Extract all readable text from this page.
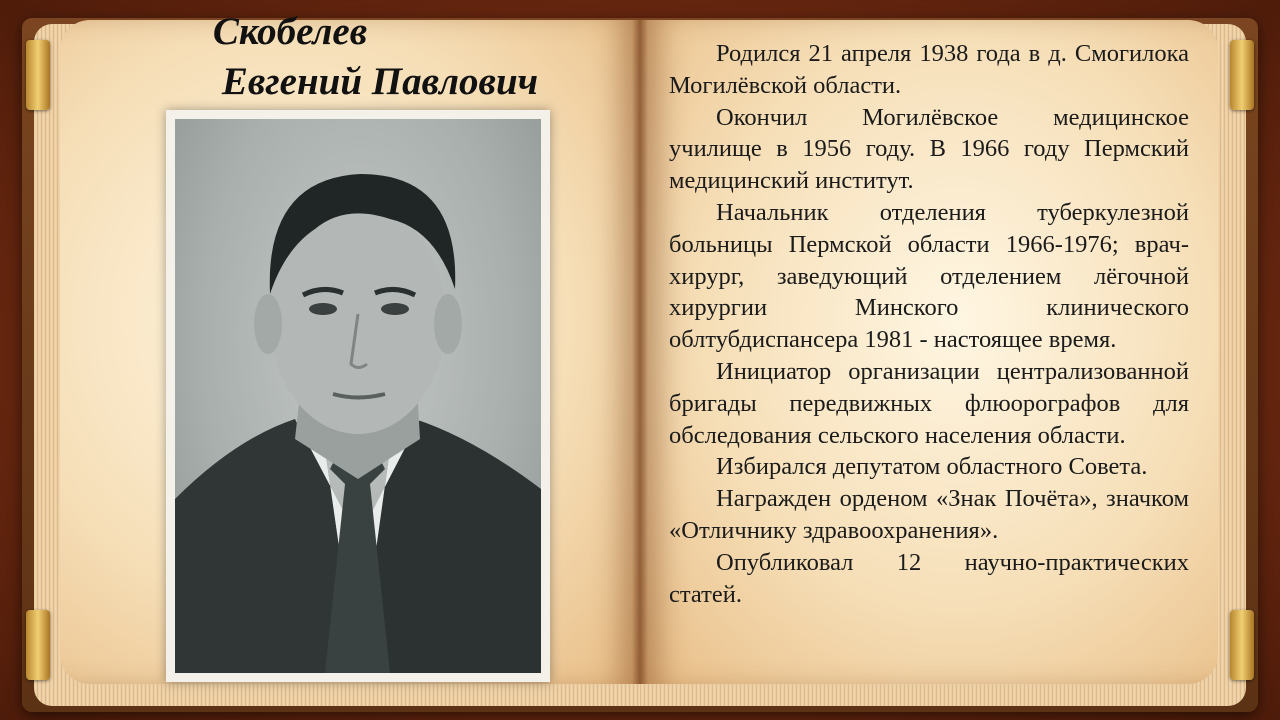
Скобелев
Евгений Павлович

Родился 21 апреля 1938 года в д. Смогилока Могилёвской области.

Окончил Могилёвское медицинское училище в 1956 году. В 1966 году Пермский медицинский институт.

Начальник отделения туберкулезной больницы Пермской области 1966-1976; врач-хирург, заведующий отделением лёгочной хирургии Минского клинического облтубдиспансера 1981 - настоящее время.

Инициатор организации централизованной бригады передвижных флюорографов для обследования сельского населения области.

Избирался депутатом областного Совета.

Награжден орденом «Знак Почёта», значком «Отличнику здравоохранения».

Опубликовал 12 научно-практических статей.
